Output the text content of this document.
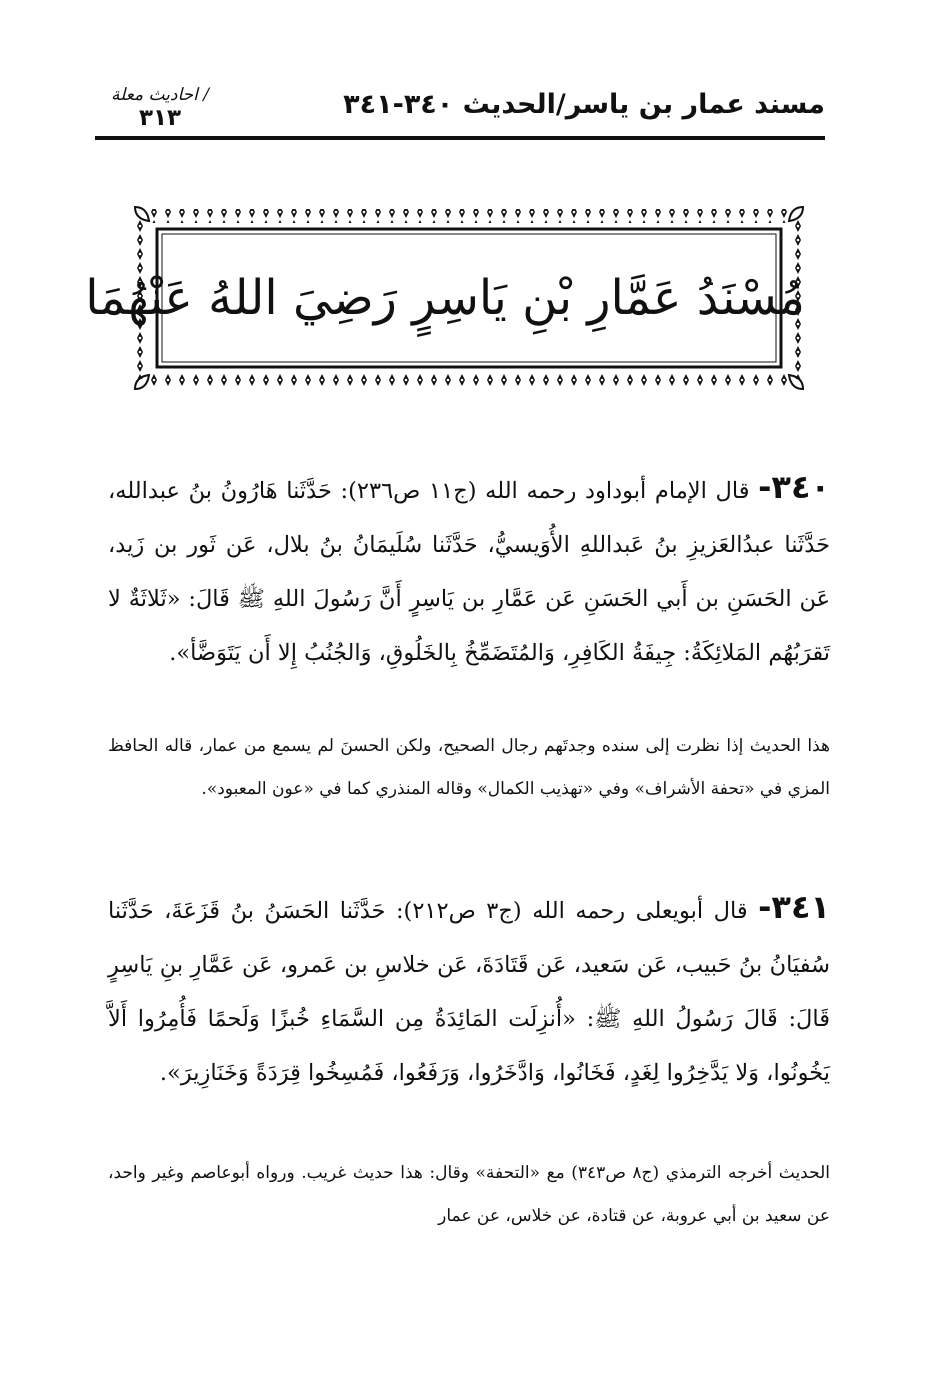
مسند عمار بن ياسر/الحديث ٣٤٠-٣٤١
/ احاديث معلة
٣١٣
مُسْنَدُ عَمَّارِ بْنِ يَاسِرٍ رَضِيَ اللهُ عَنْهُمَا
٣٤٠- قال الإمام أبوداود رحمه الله (ج١١ ص٢٣٦): حَدَّثَنا هَارُونُ بنُ عبدالله، حَدَّثَنا عبدُالعَزيزِ بنُ عَبداللهِ الأُوَيسيُّ، حَدَّثَنا سُلَيمَانُ بنُ بلال، عَن ثَور بن زَيد، عَن الحَسَنِ بن أَبي الحَسَنِ عَن عَمَّارِ بن يَاسِرٍ أَنَّ رَسُولَ اللهِ ﷺ قَالَ: «ثَلاثَةٌ لا تَقرَبُهُم المَلائِكَةُ: جِيفَةُ الكَافِرِ، وَالمُتَضَمِّخُ بِالخَلُوقِ، وَالجُنُبُ إِلا أَن يَتَوَضَّأ».
هذا الحديث إذا نظرت إلى سنده وجدتَهم رجال الصحيح، ولكن الحسنَ لم يسمع من عمار، قاله الحافظ المزي في «تحفة الأشراف» وفي «تهذيب الكمال» وقاله المنذري كما في «عون المعبود».
٣٤١- قال أبويعلى رحمه الله (ج٣ ص٢١٢): حَدَّثَنا الحَسَنُ بنُ قَزَعَةَ، حَدَّثَنا سُفيَانُ بنُ حَبيب، عَن سَعيد، عَن قَتَادَةَ، عَن خلاسِ بن عَمرو، عَن عَمَّارِ بنِ يَاسِرٍ قَالَ: قَالَ رَسُولُ اللهِ ﷺ: «أُنزِلَت المَائِدَةُ مِن السَّمَاءِ خُبزًا وَلَحمًا فَأُمِرُوا أَلاَّ يَخُونُوا، وَلا يَدَّخِرُوا لِغَدٍ، فَخَانُوا، وَادَّخَرُوا، وَرَفَعُوا، فَمُسِخُوا قِرَدَةً وَخَنَازِيرَ».
الحديث أخرجه الترمذي (ج٨ ص٣٤٣) مع «التحفة» وقال: هذا حديث غريب. ورواه أبوعاصم وغير واحد، عن سعيد بن أبي عروبة، عن قتادة، عن خلاس، عن عمار
